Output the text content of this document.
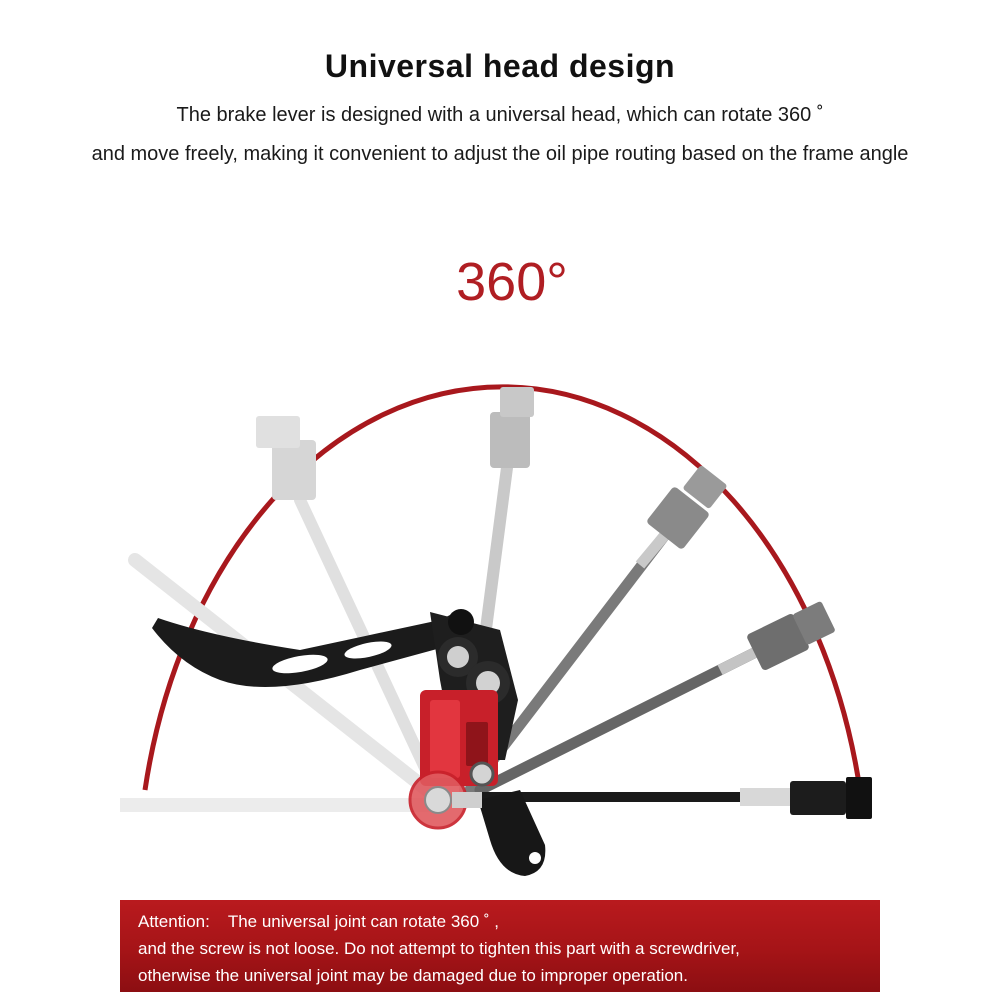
Universal head design
The brake lever is designed with a universal head, which can rotate 360 ˚
and move freely, making it convenient to adjust the oil pipe routing based on the frame angle
360°
Attention: The universal joint can rotate 360 ˚ ,
and the screw is not loose. Do not attempt to tighten this part with a screwdriver,
otherwise the universal joint may be damaged due to improper operation.
